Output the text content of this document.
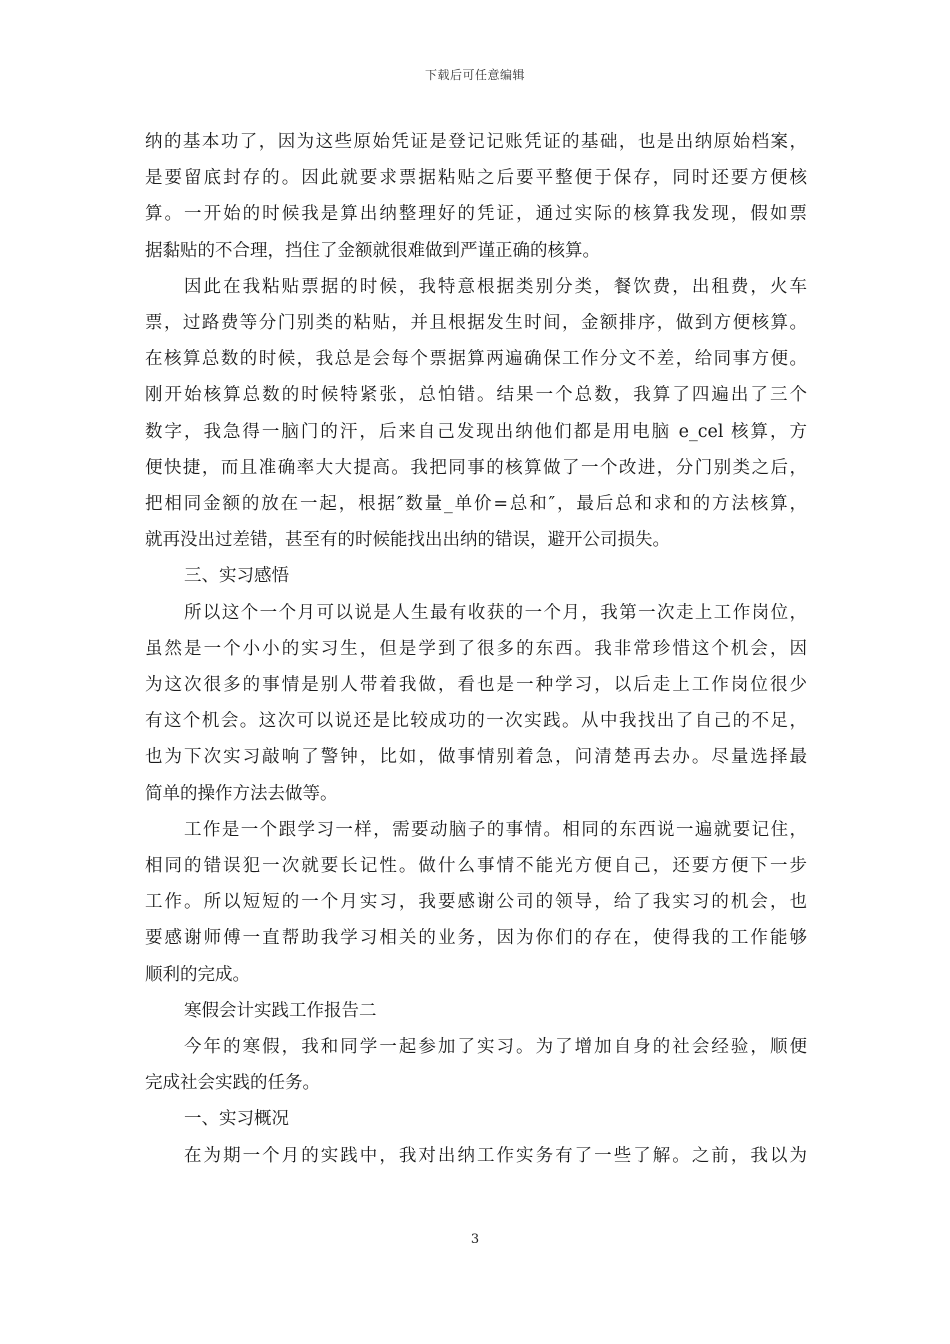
下载后可任意编辑
纳的基本功了，因为这些原始凭证是登记记账凭证的基础，也是出纳原始档案，
是要留底封存的。因此就要求票据粘贴之后要平整便于保存，同时还要方便核
算。一开始的时候我是算出纳整理好的凭证，通过实际的核算我发现，假如票
据黏贴的不合理，挡住了金额就很难做到严谨正确的核算。
因此在我粘贴票据的时候，我特意根据类别分类，餐饮费，出租费，火车
票，过路费等分门别类的粘贴，并且根据发生时间，金额排序，做到方便核算。
在核算总数的时候，我总是会每个票据算两遍确保工作分文不差，给同事方便。
刚开始核算总数的时候特紧张，总怕错。结果一个总数，我算了四遍出了三个
数字，我急得一脑门的汗，后来自己发现出纳他们都是用电脑 e_cel 核算，方
便快捷，而且准确率大大提高。我把同事的核算做了一个改进，分门别类之后，
把相同金额的放在一起，根据″数量_单价=总和″，最后总和求和的方法核算，
就再没出过差错，甚至有的时候能找出出纳的错误，避开公司损失。
三、实习感悟
所以这个一个月可以说是人生最有收获的一个月，我第一次走上工作岗位，
虽然是一个小小的实习生，但是学到了很多的东西。我非常珍惜这个机会，因
为这次很多的事情是别人带着我做，看也是一种学习，以后走上工作岗位很少
有这个机会。这次可以说还是比较成功的一次实践。从中我找出了自己的不足，
也为下次实习敲响了警钟，比如，做事情别着急，问清楚再去办。尽量选择最
简单的操作方法去做等。
工作是一个跟学习一样，需要动脑子的事情。相同的东西说一遍就要记住，
相同的错误犯一次就要长记性。做什么事情不能光方便自己，还要方便下一步
工作。所以短短的一个月实习，我要感谢公司的领导，给了我实习的机会，也
要感谢师傅一直帮助我学习相关的业务，因为你们的存在，使得我的工作能够
顺利的完成。
寒假会计实践工作报告二
今年的寒假，我和同学一起参加了实习。为了增加自身的社会经验，顺便
完成社会实践的任务。
一、实习概况
在为期一个月的实践中，我对出纳工作实务有了一些了解。之前，我以为
3
